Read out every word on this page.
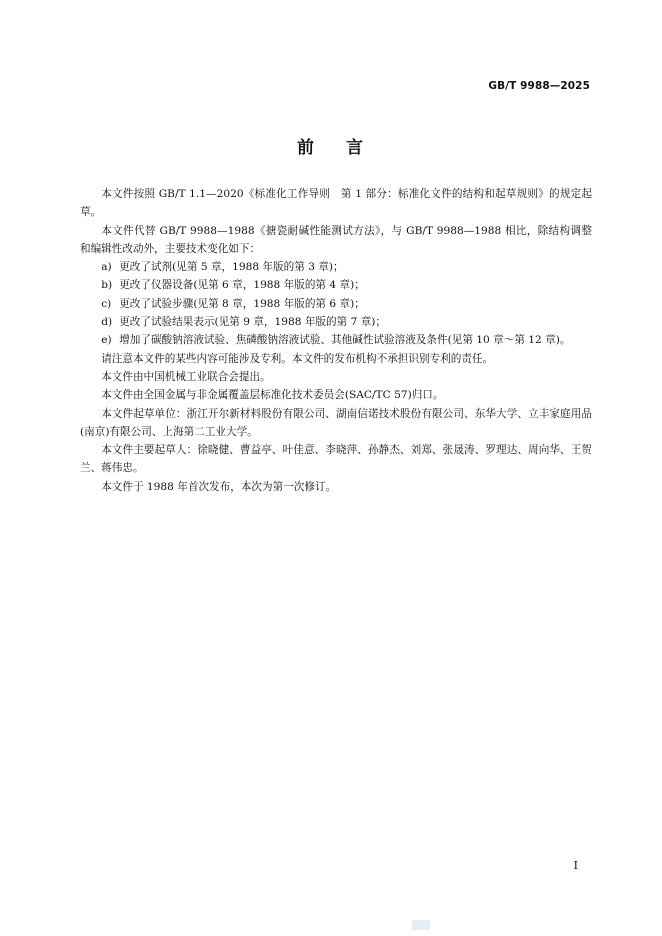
GB/T 9988—2025
前 言

本文件按照 GB/T 1.1—2020《标准化工作导则　第 1 部分：标准化文件的结构和起草规则》的规定起草。

本文件代替 GB/T 9988—1988《搪瓷耐碱性能测试方法》，与 GB/T 9988—1988 相比，除结构调整和编辑性改动外，主要技术变化如下：

a) 更改了试剂(见第 5 章，1988 年版的第 3 章)；

b) 更改了仪器设备(见第 6 章，1988 年版的第 4 章)；

c) 更改了试验步骤(见第 8 章，1988 年版的第 6 章)；

d) 更改了试验结果表示(见第 9 章，1988 年版的第 7 章)；

e) 增加了碳酸钠溶液试验、焦磷酸钠溶液试验、其他碱性试验溶液及条件(见第 10 章～第 12 章)。

请注意本文件的某些内容可能涉及专利。本文件的发布机构不承担识别专利的责任。

本文件由中国机械工业联合会提出。

本文件由全国金属与非金属覆盖层标准化技术委员会(SAC/TC 57)归口。

本文件起草单位：浙江开尔新材料股份有限公司、湖南信诺技术股份有限公司、东华大学、立丰家庭用品(南京)有限公司、上海第二工业大学。

本文件主要起草人：徐晓健、曹益亭、叶佳意、李晓萍、孙静杰、刘郑、张晟涛、罗理达、周向华、王贺兰、蒋伟忠。

本文件于 1988 年首次发布，本次为第一次修订。

I
